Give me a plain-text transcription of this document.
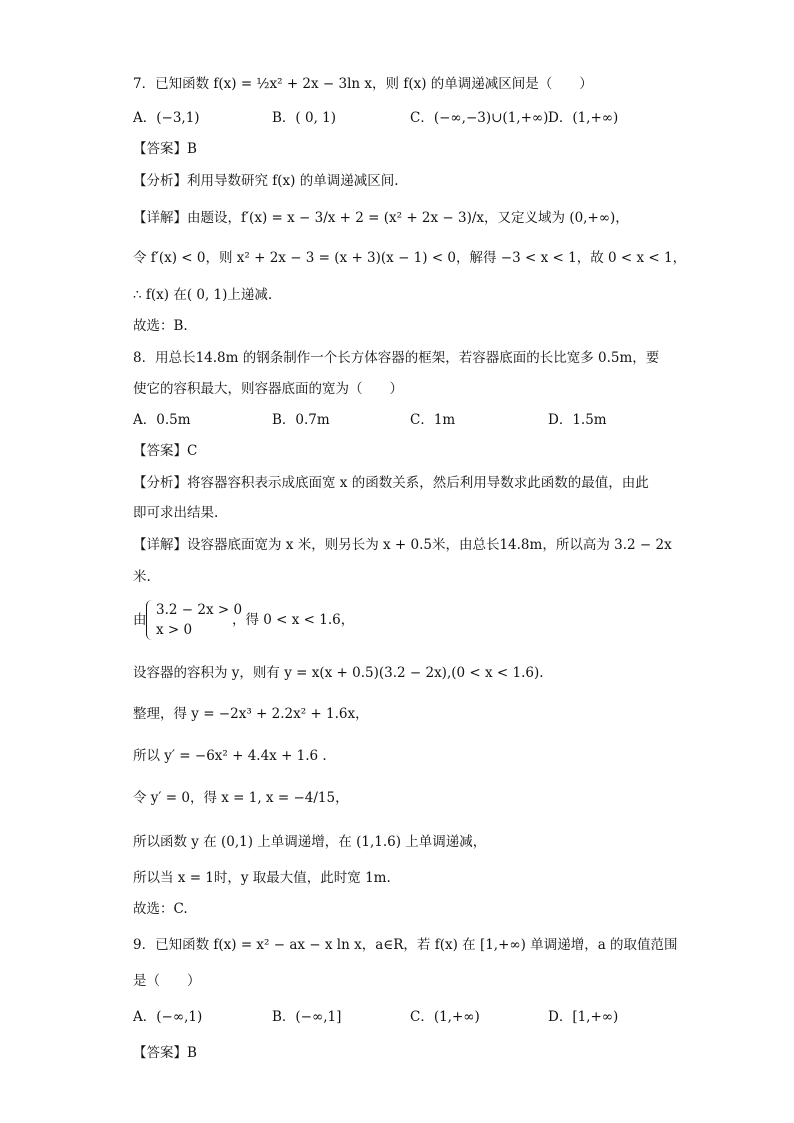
7．已知函数 f(x) = ½x² + 2x − 3ln x，则 f(x) 的单调递减区间是（　　）
A．(−3,1)	B．( 0, 1)	C．(−∞,−3)∪(1,+∞) D．(1,+∞)
【答案】B
【分析】利用导数研究 f(x) 的单调递减区间.
【详解】由题设，f′(x) = x − 3/x + 2 = (x² + 2x − 3)/x，又定义域为 (0,+∞)，
令 f′(x) < 0，则 x² + 2x − 3 = (x + 3)(x − 1) < 0，解得 −3 < x < 1，故 0 < x < 1，
∴ f(x) 在( 0, 1)上递减.
故选：B.
8．用总长14.8m 的钢条制作一个长方体容器的框架，若容器底面的长比宽多 0.5m，要
使它的容积最大，则容器底面的宽为（　　）
A．0.5m	B．0.7m	C．1m	D．1.5m
【答案】C
【分析】将容器容积表示成底面宽 x 的函数关系，然后利用导数求此函数的最值，由此
即可求出结果.
【详解】设容器底面宽为 x 米，则另长为 x + 0.5米，由总长14.8m，所以高为 3.2 − 2x
米.
由
3.2 − 2x > 0
x > 0
，得 0 < x < 1.6，
设容器的容积为 y，则有 y = x(x + 0.5)(3.2 − 2x),(0 < x < 1.6).
整理，得 y = −2x³ + 2.2x² + 1.6x，
所以 y′ = −6x² + 4.4x + 1.6 .
令 y′ = 0，得 x = 1, x = −4/15，
所以函数 y 在 (0,1) 上单调递增，在 (1,1.6) 上单调递减，
所以当 x = 1时，y 取最大值，此时宽 1m.
故选：C.
9．已知函数 f(x) = x² − ax − x ln x，a∈R，若 f(x) 在 [1,+∞) 单调递增，a 的取值范围
是（　　）
A．(−∞,1)	B．(−∞,1]	C．(1,+∞)	D．[1,+∞)
【答案】B
